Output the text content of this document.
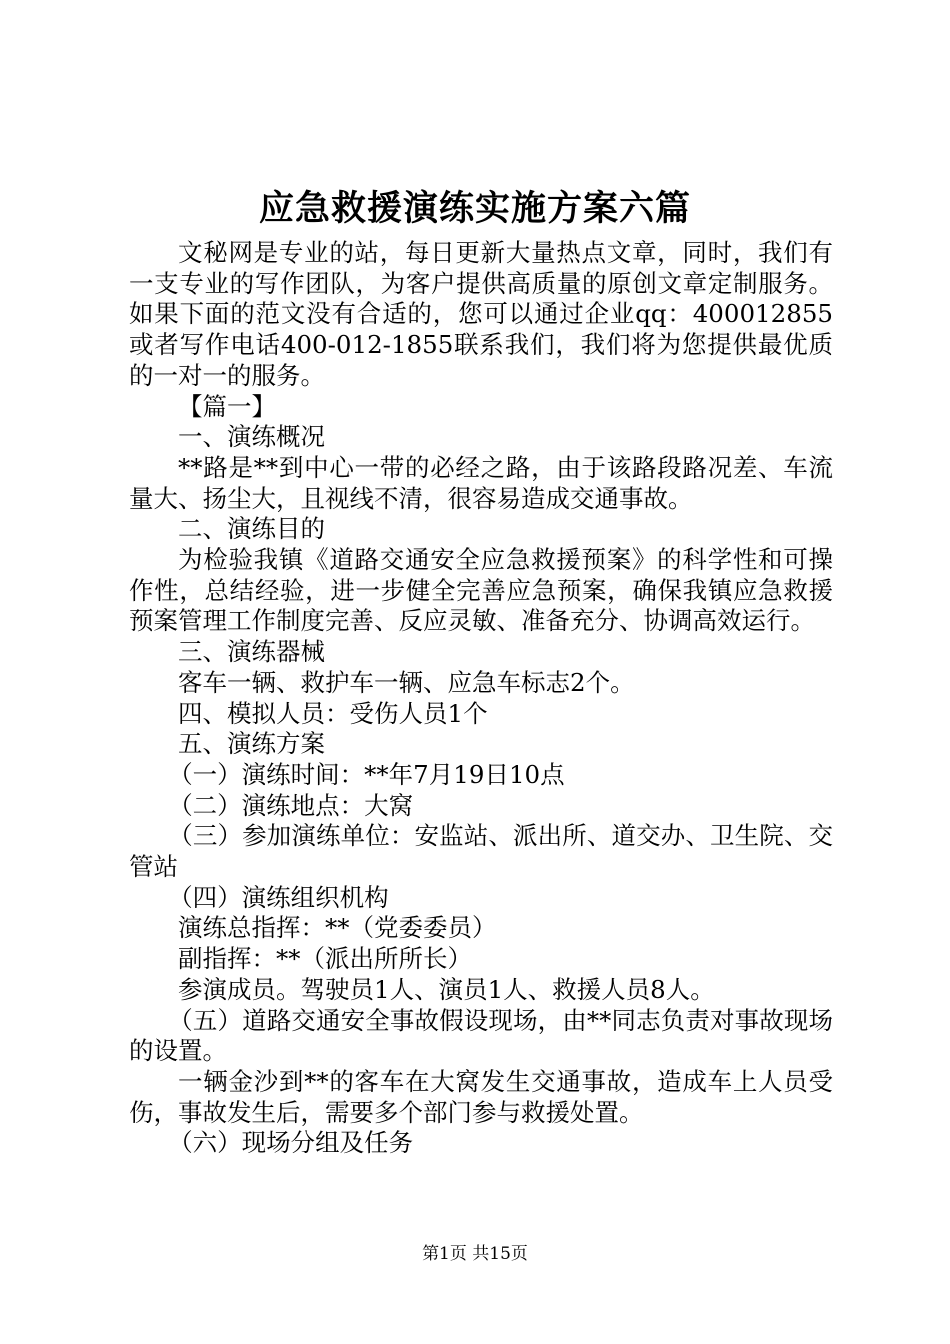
应急救援演练实施方案六篇

文秘网是专业的站，每日更新大量热点文章，同时，我们有一支专业的写作团队，为客户提供高质量的原创文章定制服务。如果下面的范文没有合适的，您可以通过企业qq：400012855或者写作电话400-012-1855联系我们，我们将为您提供最优质的一对一的服务。

【篇一】

一、演练概况

**路是**到中心一带的必经之路，由于该路段路况差、车流量大、扬尘大，且视线不清，很容易造成交通事故。

二、演练目的

为检验我镇《道路交通安全应急救援预案》的科学性和可操作性，总结经验，进一步健全完善应急预案，确保我镇应急救援预案管理工作制度完善、反应灵敏、准备充分、协调高效运行。

三、演练器械

客车一辆、救护车一辆、应急车标志2个。

四、模拟人员：受伤人员1个

五、演练方案

（一）演练时间：**年7月19日10点

（二）演练地点：大窝

（三）参加演练单位：安监站、派出所、道交办、卫生院、交管站

（四）演练组织机构

演练总指挥：**（党委委员）

副指挥：**（派出所所长）

参演成员。驾驶员1人、演员1人、救援人员8人。

（五）道路交通安全事故假设现场，由**同志负责对事故现场的设置。

一辆金沙到**的客车在大窝发生交通事故，造成车上人员受伤，事故发生后，需要多个部门参与救援处置。

（六）现场分组及任务

第1页 共15页
